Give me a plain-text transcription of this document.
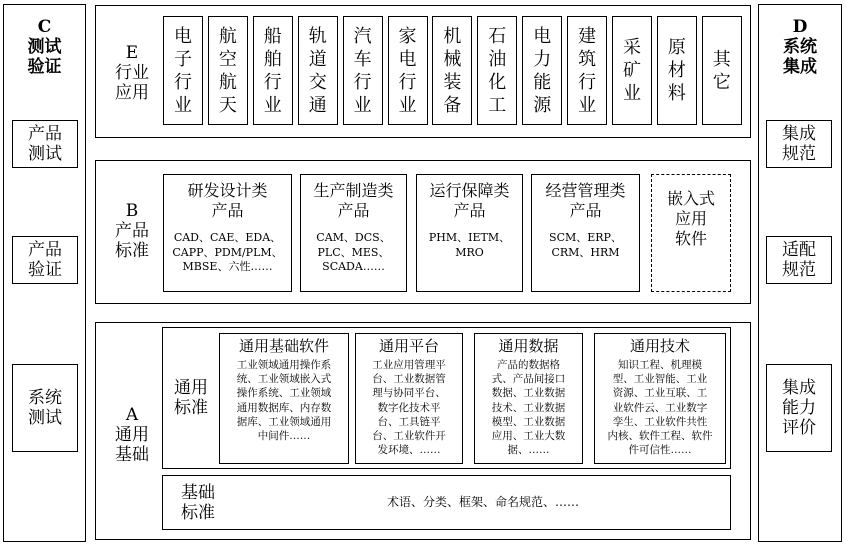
C
测试
验证
产品
测试
产品
验证
系统
测试
D
系统
集成
集成
规范
适配
规范
集成
能力
评价
E
行业
应用
电
子
行
业
航
空
航
天
船
舶
行
业
轨
道
交
通
汽
车
行
业
家
电
行
业
机
械
装
备
石
油
化
工
电
力
能
源
建
筑
行
业
采
矿
业
原
材
料
其
它
B
产品
标准
研发设计类
产品
CAD、CAE、EDA、
CAPP、PDM/PLM、
MBSE、六性……
生产制造类
产品
CAM、DCS、
PLC、MES、
SCADA……
运行保障类
产品
PHM、IETM、
MRO
经营管理类
产品
SCM、ERP、
CRM、HRM
嵌入式
应用
软件
A
通用
基础
通用
标准
通用基础软件
工业领域通用操作系
统、工业领域嵌入式
操作系统、工业领域
通用数据库、内存数
据库、工业领域通用
中间件……
通用平台
工业应用管理平
台、工业数据管
理与协同平台、
数字化技术平
台、工具链平
台、工业软件开
发环境、……
通用数据
产品的数据格
式、产品间接口
数据、工业数据
技术、工业数据
模型、工业数据
应用、工业大数
据、……
通用技术
知识工程、机理模
型、工业智能、工业
资源、工业互联、工
业软件云、工业数字
孪生、工业软件共性
内核、软件工程、软件
件可信性……
基础
标准
术语、分类、框架、命名规范、……
